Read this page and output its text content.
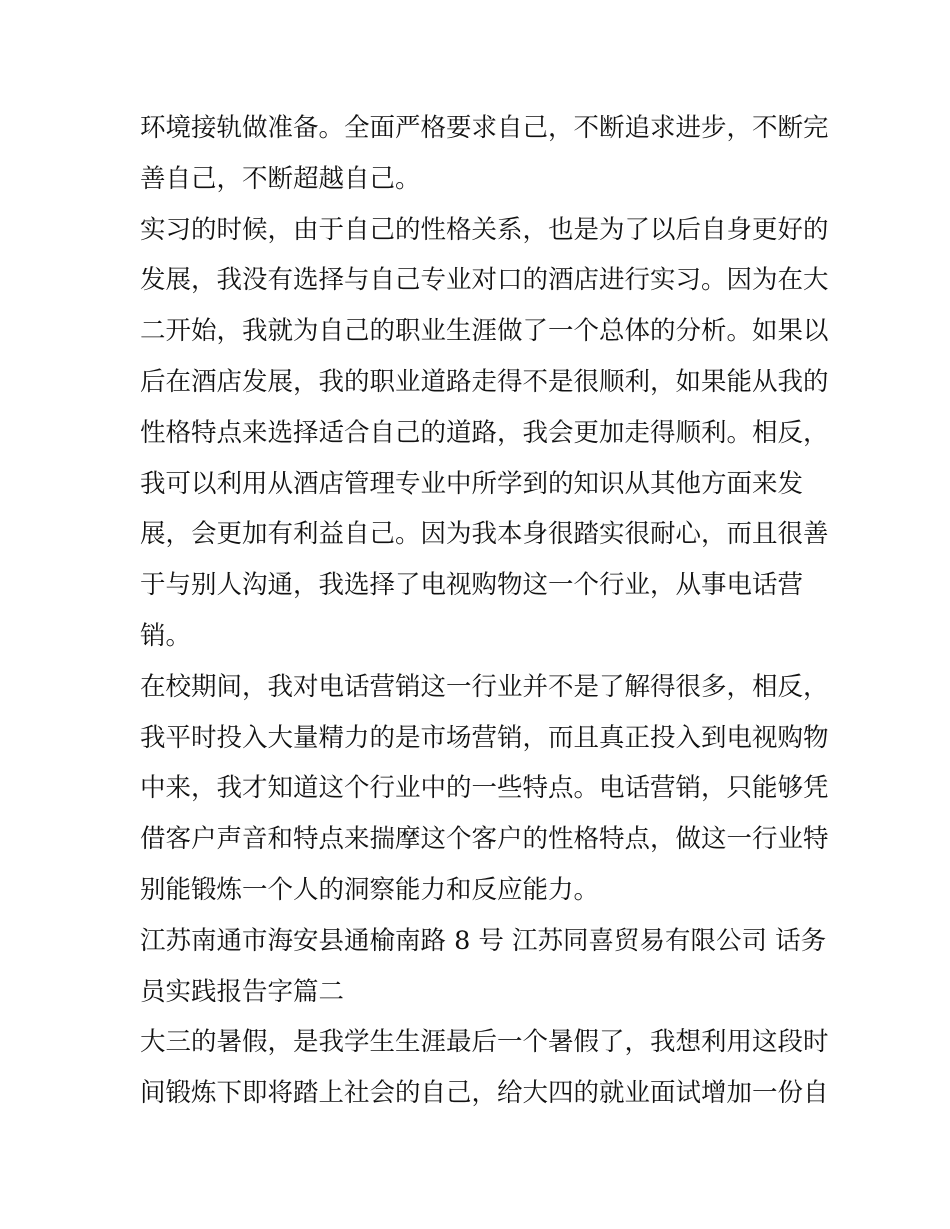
环境接轨做准备。全面严格要求自己，不断追求进步，不断完
善自己，不断超越自己。
实习的时候，由于自己的性格关系，也是为了以后自身更好的
发展，我没有选择与自己专业对口的酒店进行实习。因为在大
二开始，我就为自己的职业生涯做了一个总体的分析。如果以
后在酒店发展，我的职业道路走得不是很顺利，如果能从我的
性格特点来选择适合自己的道路，我会更加走得顺利。相反，
我可以利用从酒店管理专业中所学到的知识从其他方面来发
展，会更加有利益自己。因为我本身很踏实很耐心，而且很善
于与别人沟通，我选择了电视购物这一个行业，从事电话营
销。
在校期间，我对电话营销这一行业并不是了解得很多，相反，
我平时投入大量精力的是市场营销，而且真正投入到电视购物
中来，我才知道这个行业中的一些特点。电话营销，只能够凭
借客户声音和特点来揣摩这个客户的性格特点，做这一行业特
别能锻炼一个人的洞察能力和反应能力。
江苏南通市海安县通榆南路 8 号 江苏同喜贸易有限公司 话务
员实践报告字篇二
大三的暑假，是我学生生涯最后一个暑假了，我想利用这段时
间锻炼下即将踏上社会的自己，给大四的就业面试增加一份自
